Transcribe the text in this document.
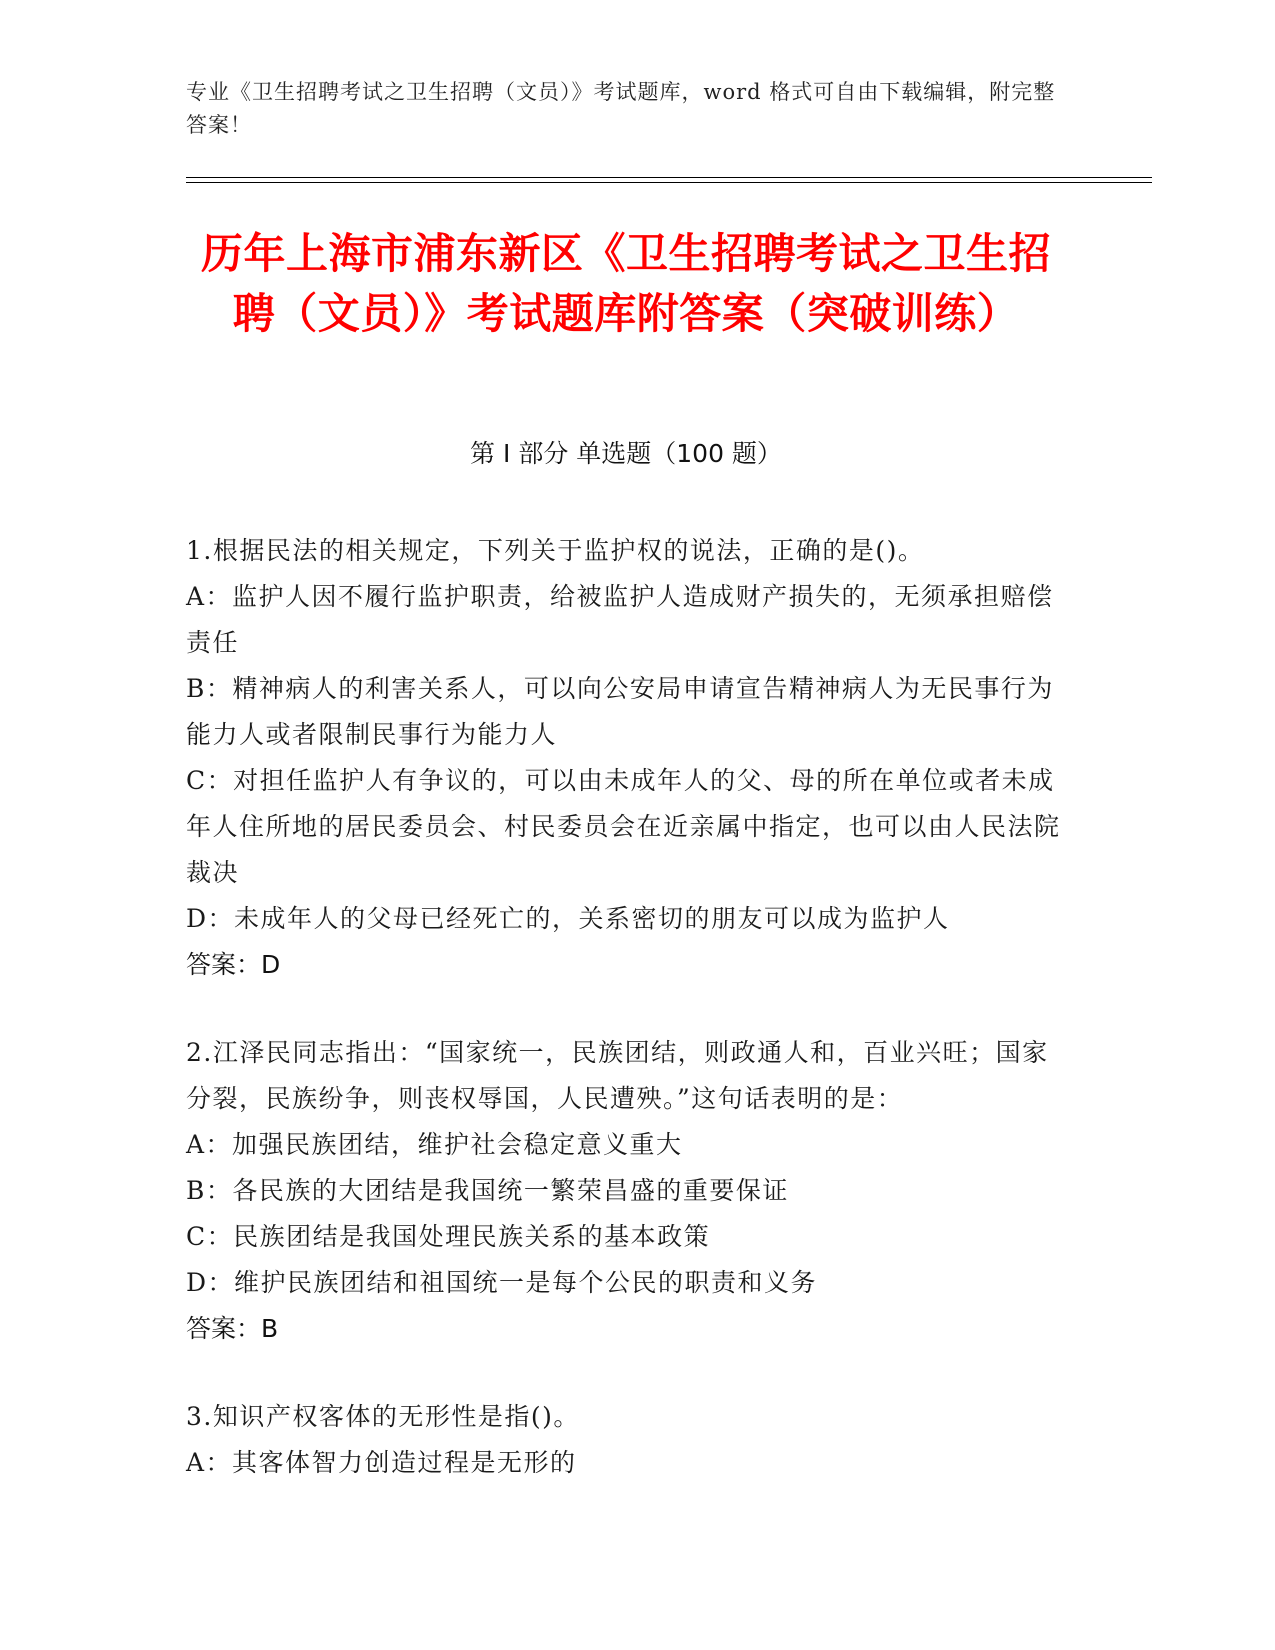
专业《卫生招聘考试之卫生招聘（文员）》考试题库，word 格式可自由下载编辑，附完整答案！
历年上海市浦东新区《卫生招聘考试之卫生招聘（文员）》考试题库附答案（突破训练）
第 I 部分 单选题（100 题）

1.根据民法的相关规定，下列关于监护权的说法，正确的是()。

A：监护人因不履行监护职责，给被监护人造成财产损失的，无须承担赔偿责任

B：精神病人的利害关系人，可以向公安局申请宣告精神病人为无民事行为能力人或者限制民事行为能力人

C：对担任监护人有争议的，可以由未成年人的父、母的所在单位或者未成年人住所地的居民委员会、村民委员会在近亲属中指定，也可以由人民法院裁决

D：未成年人的父母已经死亡的，关系密切的朋友可以成为监护人

答案：D

2.江泽民同志指出：“国家统一，民族团结，则政通人和，百业兴旺；国家分裂，民族纷争，则丧权辱国，人民遭殃。”这句话表明的是：

A：加强民族团结，维护社会稳定意义重大

B：各民族的大团结是我国统一繁荣昌盛的重要保证

C：民族团结是我国处理民族关系的基本政策

D：维护民族团结和祖国统一是每个公民的职责和义务

答案：B

3.知识产权客体的无形性是指()。

A：其客体智力创造过程是无形的
